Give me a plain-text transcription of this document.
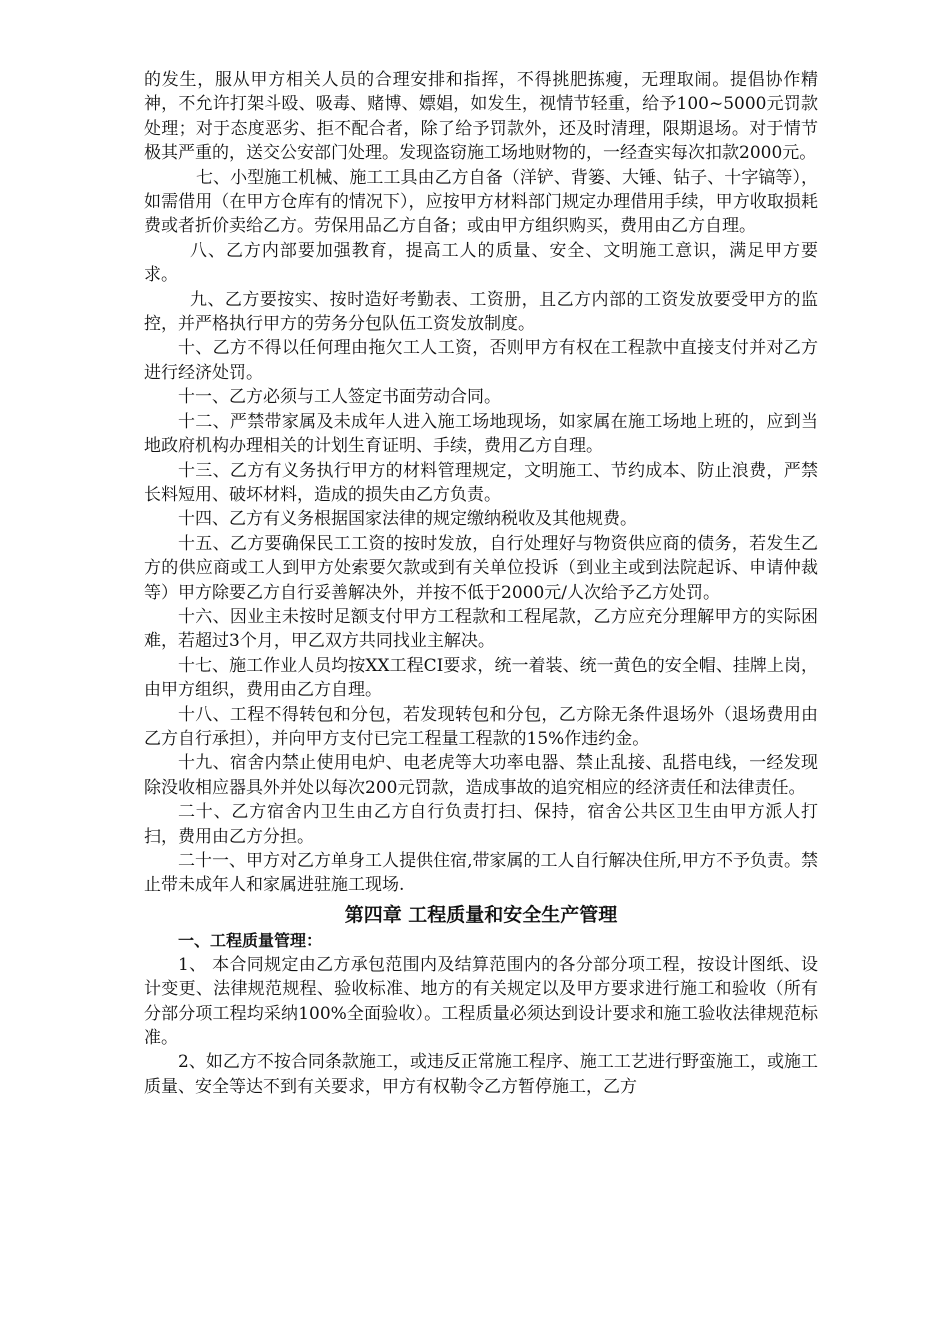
的发生，服从甲方相关人员的合理安排和指挥，不得挑肥拣瘦，无理取闹。提倡协作精神，不允许打架斗殴、吸毒、赌博、嫖娼，如发生，视情节轻重，给予100~5000元罚款处理；对于态度恶劣、拒不配合者，除了给予罚款外，还及时清理，限期退场。对于情节极其严重的，送交公安部门处理。发现盗窃施工场地财物的，一经查实每次扣款2000元。

七、小型施工机械、施工工具由乙方自备（洋铲、背篓、大锤、钻子、十字镐等），如需借用（在甲方仓库有的情况下），应按甲方材料部门规定办理借用手续，甲方收取损耗费或者折价卖给乙方。劳保用品乙方自备；或由甲方组织购买，费用由乙方自理。

八、乙方内部要加强教育，提高工人的质量、安全、文明施工意识，满足甲方要求。

九、乙方要按实、按时造好考勤表、工资册，且乙方内部的工资发放要受甲方的监控，并严格执行甲方的劳务分包队伍工资发放制度。

十、乙方不得以任何理由拖欠工人工资，否则甲方有权在工程款中直接支付并对乙方进行经济处罚。

十一、乙方必须与工人签定书面劳动合同。

十二、严禁带家属及未成年人进入施工场地现场，如家属在施工场地上班的，应到当地政府机构办理相关的计划生育证明、手续，费用乙方自理。

十三、乙方有义务执行甲方的材料管理规定，文明施工、节约成本、防止浪费，严禁长料短用、破坏材料，造成的损失由乙方负责。

十四、乙方有义务根据国家法律的规定缴纳税收及其他规费。

十五、乙方要确保民工工资的按时发放，自行处理好与物资供应商的债务，若发生乙方的供应商或工人到甲方处索要欠款或到有关单位投诉（到业主或到法院起诉、申请仲裁等）甲方除要乙方自行妥善解决外，并按不低于2000元/人次给予乙方处罚。

十六、因业主未按时足额支付甲方工程款和工程尾款，乙方应充分理解甲方的实际困难，若超过3个月，甲乙双方共同找业主解决。

十七、施工作业人员均按XX工程CI要求，统一着装、统一黄色的安全帽、挂牌上岗，由甲方组织，费用由乙方自理。

十八、工程不得转包和分包，若发现转包和分包，乙方除无条件退场外（退场费用由乙方自行承担），并向甲方支付已完工程量工程款的15%作违约金。

十九、宿舍内禁止使用电炉、电老虎等大功率电器、禁止乱接、乱搭电线，一经发现除没收相应器具外并处以每次200元罚款，造成事故的追究相应的经济责任和法律责任。

二十、乙方宿舍内卫生由乙方自行负责打扫、保持，宿舍公共区卫生由甲方派人打扫，费用由乙方分担。

二十一、甲方对乙方单身工人提供住宿,带家属的工人自行解决住所,甲方不予负责。禁止带未成年人和家属进驻施工现场.

第四章 工程质量和安全生产管理
一、工程质量管理：

1、 本合同规定由乙方承包范围内及结算范围内的各分部分项工程，按设计图纸、设计变更、法律规范规程、验收标准、地方的有关规定以及甲方要求进行施工和验收（所有分部分项工程均采纳100%全面验收）。工程质量必须达到设计要求和施工验收法律规范标准。

2、如乙方不按合同条款施工，或违反正常施工程序、施工工艺进行野蛮施工，或施工质量、安全等达不到有关要求，甲方有权勒令乙方暂停施工，乙方
